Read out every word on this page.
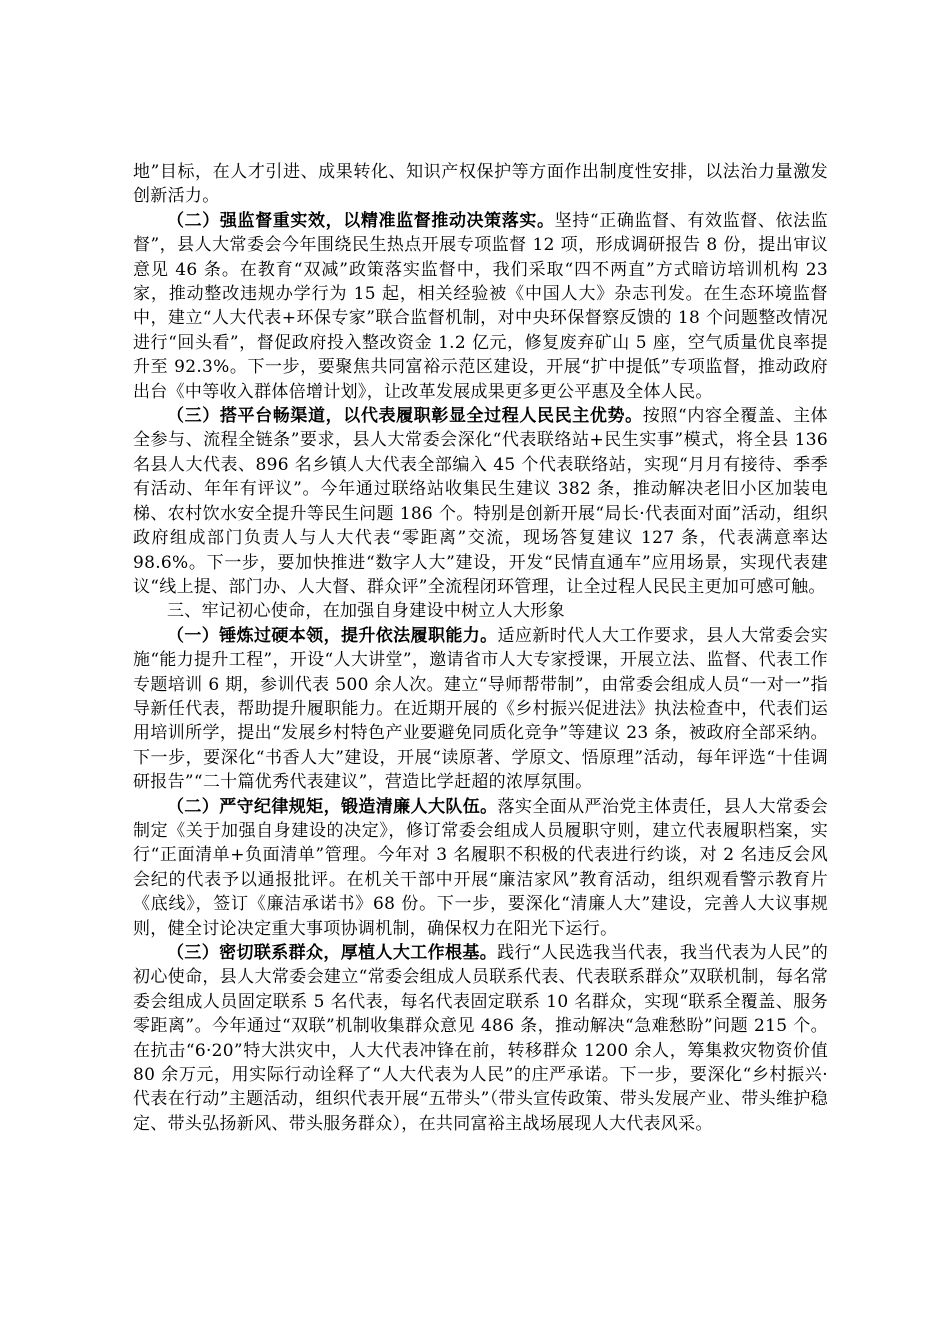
地”目标，在人才引进、成果转化、知识产权保护等方面作出制度性安排，以法治力量激发创新活力。

（二）强监督重实效，以精准监督推动决策落实。坚持“正确监督、有效监督、依法监督”，县人大常委会今年围绕民生热点开展专项监督 12 项，形成调研报告 8 份，提出审议意见 46 条。在教育“双减”政策落实监督中，我们采取“四不两直”方式暗访培训机构 23 家，推动整改违规办学行为 15 起，相关经验被《中国人大》杂志刊发。在生态环境监督中，建立“人大代表+环保专家”联合监督机制，对中央环保督察反馈的 18 个问题整改情况进行“回头看”，督促政府投入整改资金 1.2 亿元，修复废弃矿山 5 座，空气质量优良率提升至 92.3%。下一步，要聚焦共同富裕示范区建设，开展“扩中提低”专项监督，推动政府出台《中等收入群体倍增计划》，让改革发展成果更多更公平惠及全体人民。

（三）搭平台畅渠道，以代表履职彰显全过程人民民主优势。按照“内容全覆盖、主体全参与、流程全链条”要求，县人大常委会深化“代表联络站+民生实事”模式，将全县 136 名县人大代表、896 名乡镇人大代表全部编入 45 个代表联络站，实现“月月有接待、季季有活动、年年有评议”。今年通过联络站收集民生建议 382 条，推动解决老旧小区加装电梯、农村饮水安全提升等民生问题 186 个。特别是创新开展“局长·代表面对面”活动，组织政府组成部门负责人与人大代表“零距离”交流，现场答复建议 127 条，代表满意率达 98.6%。下一步，要加快推进“数字人大”建设，开发“民情直通车”应用场景，实现代表建议“线上提、部门办、人大督、群众评”全流程闭环管理，让全过程人民民主更加可感可触。

三、牢记初心使命，在加强自身建设中树立人大形象

（一）锤炼过硬本领，提升依法履职能力。适应新时代人大工作要求，县人大常委会实施“能力提升工程”，开设“人大讲堂”，邀请省市人大专家授课，开展立法、监督、代表工作专题培训 6 期，参训代表 500 余人次。建立“导师帮带制”，由常委会组成人员“一对一”指导新任代表，帮助提升履职能力。在近期开展的《乡村振兴促进法》执法检查中，代表们运用培训所学，提出“发展乡村特色产业要避免同质化竞争”等建议 23 条，被政府全部采纳。下一步，要深化“书香人大”建设，开展“读原著、学原文、悟原理”活动，每年评选“十佳调研报告”“二十篇优秀代表建议”，营造比学赶超的浓厚氛围。

（二）严守纪律规矩，锻造清廉人大队伍。落实全面从严治党主体责任，县人大常委会制定《关于加强自身建设的决定》，修订常委会组成人员履职守则，建立代表履职档案，实行“正面清单+负面清单”管理。今年对 3 名履职不积极的代表进行约谈，对 2 名违反会风会纪的代表予以通报批评。在机关干部中开展“廉洁家风”教育活动，组织观看警示教育片《底线》，签订《廉洁承诺书》68 份。下一步，要深化“清廉人大”建设，完善人大议事规则，健全讨论决定重大事项协调机制，确保权力在阳光下运行。

（三）密切联系群众，厚植人大工作根基。践行“人民选我当代表，我当代表为人民”的初心使命，县人大常委会建立“常委会组成人员联系代表、代表联系群众”双联机制，每名常委会组成人员固定联系 5 名代表，每名代表固定联系 10 名群众，实现“联系全覆盖、服务零距离”。今年通过“双联”机制收集群众意见 486 条，推动解决“急难愁盼”问题 215 个。在抗击“6·20”特大洪灾中，人大代表冲锋在前，转移群众 1200 余人，筹集救灾物资价值 80 余万元，用实际行动诠释了“人大代表为人民”的庄严承诺。下一步，要深化“乡村振兴·代表在行动”主题活动，组织代表开展“五带头”（带头宣传政策、带头发展产业、带头维护稳定、带头弘扬新风、带头服务群众），在共同富裕主战场展现人大代表风采。
